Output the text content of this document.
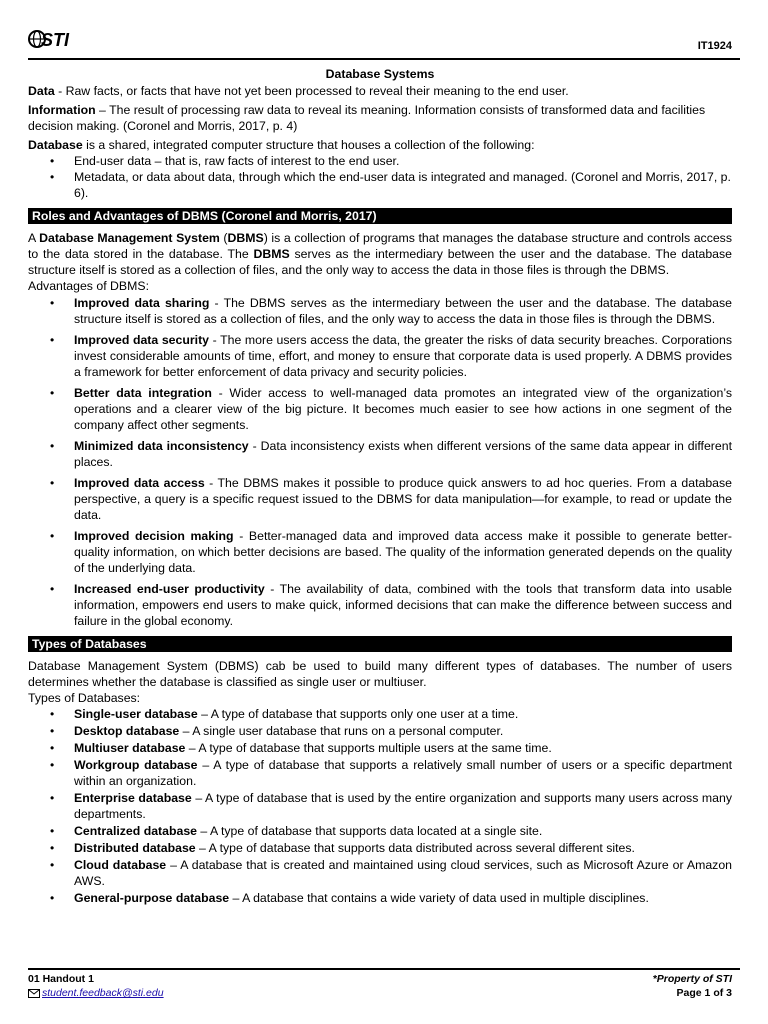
STI	IT1924
Database Systems

Data - Raw facts, or facts that have not yet been processed to reveal their meaning to the end user.

Information – The result of processing raw data to reveal its meaning. Information consists of transformed data and facilities decision making. (Coronel and Morris, 2017, p. 4)

Database is a shared, integrated computer structure that houses a collection of the following:

• End-user data – that is, raw facts of interest to the end user.
• Metadata, or data about data, through which the end-user data is integrated and managed. (Coronel and Morris, 2017, p. 6).
Roles and Advantages of DBMS (Coronel and Morris, 2017)

A Database Management System (DBMS) is a collection of programs that manages the database structure and controls access to the data stored in the database. The DBMS serves as the intermediary between the user and the database. The database structure itself is stored as a collection of files, and the only way to access the data in those files is through the DBMS.

Advantages of DBMS:

• Improved data sharing - The DBMS serves as the intermediary between the user and the database. The database structure itself is stored as a collection of files, and the only way to access the data in those files is through the DBMS.
• Improved data security - The more users access the data, the greater the risks of data security breaches. Corporations invest considerable amounts of time, effort, and money to ensure that corporate data is used properly. A DBMS provides a framework for better enforcement of data privacy and security policies.
• Better data integration - Wider access to well-managed data promotes an integrated view of the organization’s operations and a clearer view of the big picture. It becomes much easier to see how actions in one segment of the company affect other segments.
• Minimized data inconsistency - Data inconsistency exists when different versions of the same data appear in different places.
• Improved data access - The DBMS makes it possible to produce quick answers to ad hoc queries. From a database perspective, a query is a specific request issued to the DBMS for data manipulation—for example, to read or update the data.
• Improved decision making - Better-managed data and improved data access make it possible to generate better-quality information, on which better decisions are based. The quality of the information generated depends on the quality of the underlying data.
• Increased end-user productivity - The availability of data, combined with the tools that transform data into usable information, empowers end users to make quick, informed decisions that can make the difference between success and failure in the global economy.
Types of Databases

Database Management System (DBMS) cab be used to build many different types of databases. The number of users determines whether the database is classified as single user or multiuser.

Types of Databases:

• Single-user database – A type of database that supports only one user at a time.
• Desktop database – A single user database that runs on a personal computer.
• Multiuser database – A type of database that supports multiple users at the same time.
• Workgroup database – A type of database that supports a relatively small number of users or a specific department within an organization.
• Enterprise database – A type of database that is used by the entire organization and supports many users across many departments.
• Centralized database – A type of database that supports data located at a single site.
• Distributed database – A type of database that supports data distributed across several different sites.
• Cloud database – A database that is created and maintained using cloud services, such as Microsoft Azure or Amazon AWS.
• General-purpose database – A database that contains a wide variety of data used in multiple disciplines.
01 Handout 1
student.feedback@sti.edu
*Property of STI
Page 1 of 3
